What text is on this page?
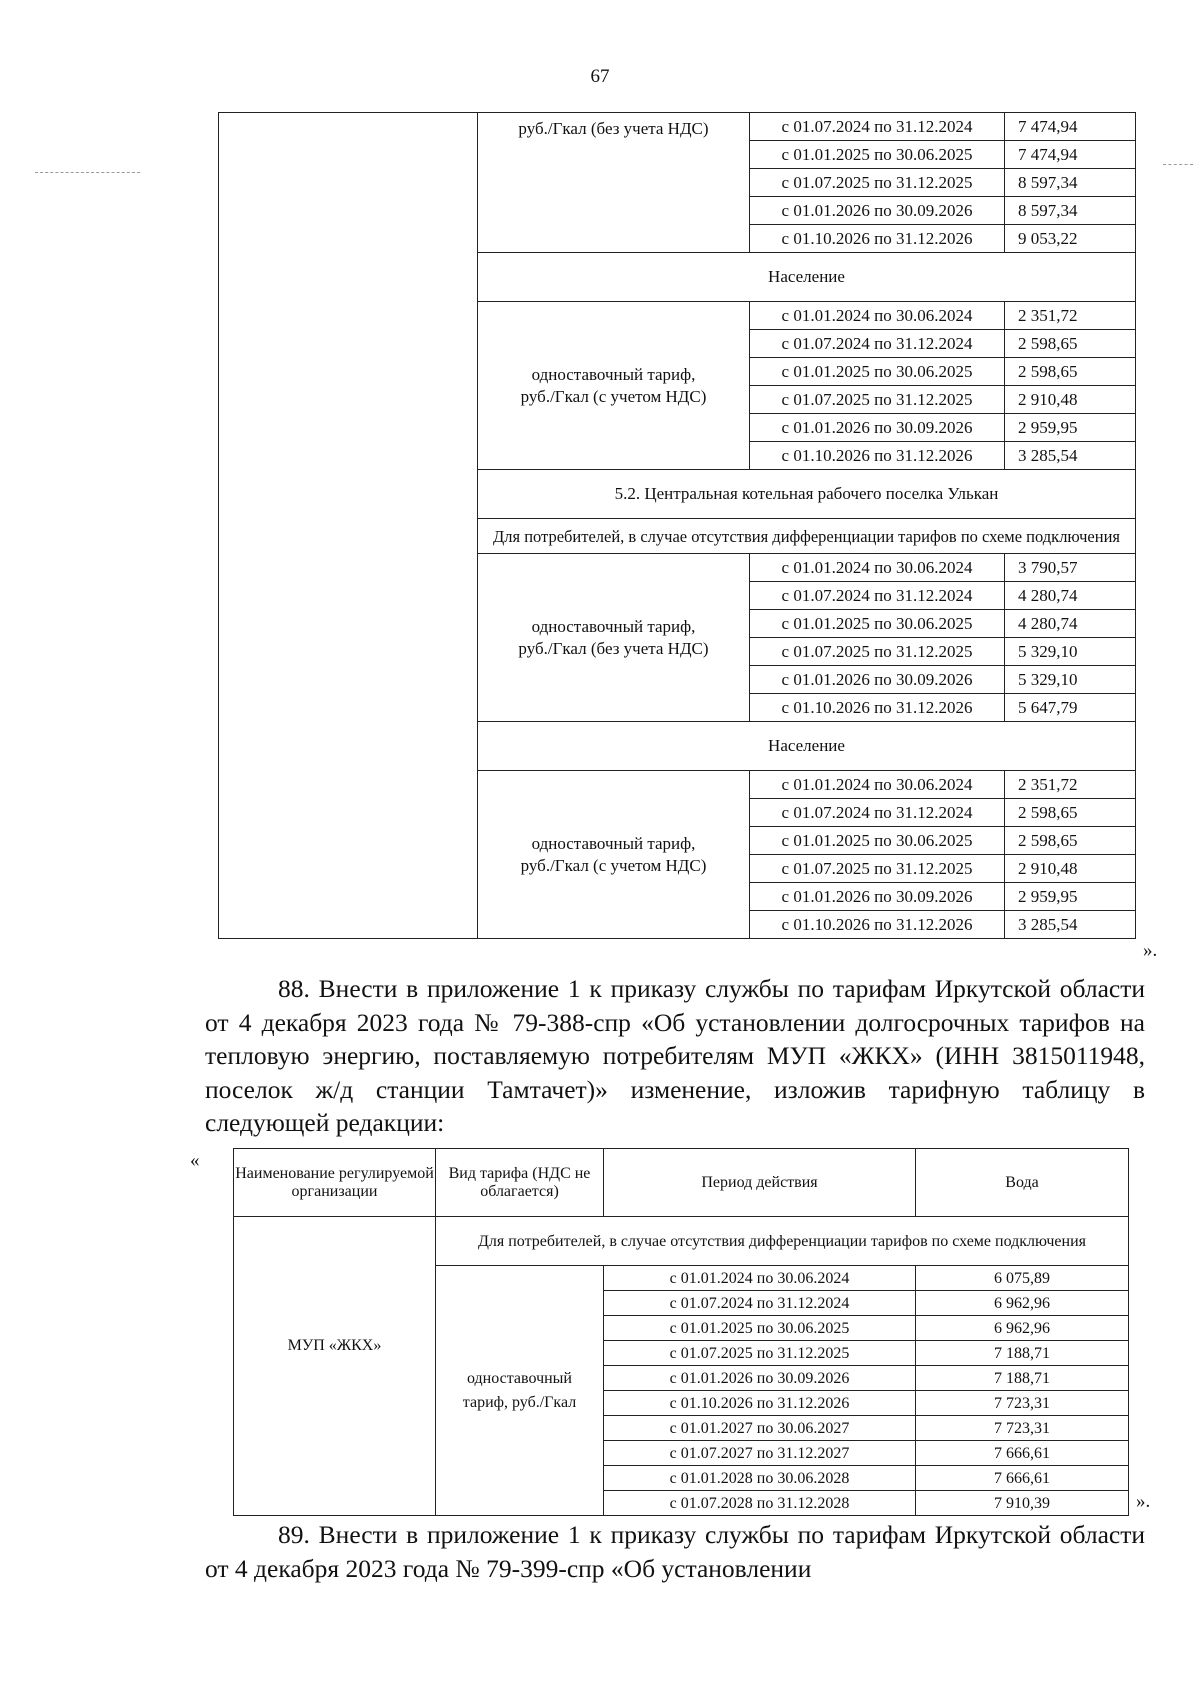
67
	руб./Гкал (без учета НДС)	с 01.07.2024 по 31.12.2024	7 474,94
		с 01.01.2025 по 30.06.2025	7 474,94
		с 01.07.2025 по 31.12.2025	8 597,34
		с 01.01.2026 по 30.09.2026	8 597,34
		с 01.10.2026 по 31.12.2026	9 053,22
	Население		

	одноставочный тариф,
руб./Гкал (с учетом НДС)	с 01.01.2024 по 30.06.2024	2 351,72
		с 01.07.2024 по 31.12.2024	2 598,65
		с 01.01.2025 по 30.06.2025	2 598,65
		с 01.07.2025 по 31.12.2025	2 910,48
		с 01.01.2026 по 30.09.2026	2 959,95
		с 01.10.2026 по 31.12.2026	3 285,54
	5.2. Центральная котельная рабочего поселка Улькан		
	Для потребителей, в случае отсутствия дифференциации тарифов по схеме подключения		

	одноставочный тариф,
руб./Гкал (без учета НДС)	с 01.01.2024 по 30.06.2024	3 790,57
		с 01.07.2024 по 31.12.2024	4 280,74
		с 01.01.2025 по 30.06.2025	4 280,74
		с 01.07.2025 по 31.12.2025	5 329,10
		с 01.01.2026 по 30.09.2026	5 329,10
		с 01.10.2026 по 31.12.2026	5 647,79
	Население		

	одноставочный тариф,
руб./Гкал (с учетом НДС)	с 01.01.2024 по 30.06.2024	2 351,72
		с 01.07.2024 по 31.12.2024	2 598,65
		с 01.01.2025 по 30.06.2025	2 598,65
		с 01.07.2025 по 31.12.2025	2 910,48
		с 01.01.2026 по 30.09.2026	2 959,95
		с 01.10.2026 по 31.12.2026	3 285,54
».
88. Внести в приложение 1 к приказу службы по тарифам Иркутской области от 4 декабря 2023 года № 79-388-спр «Об установлении долгосрочных тарифов на тепловую энергию, поставляемую потребителям МУП «ЖКХ» (ИНН 3815011948, поселок ж/д станции Тамтачет)» изменение, изложив тарифную таблицу в следующей редакции:
«
Наименование регулируемой организации	Вид тарифа (НДС не облагается)	Период действия	Вода
МУП «ЖКХ»	Для потребителей, в случае отсутствия дифференциации тарифов по схеме подключения		

	одноставочный
тариф, руб./Гкал	с 01.01.2024 по 30.06.2024	6 075,89
		с 01.07.2024 по 31.12.2024	6 962,96
		с 01.01.2025 по 30.06.2025	6 962,96
		с 01.07.2025 по 31.12.2025	7 188,71
		с 01.01.2026 по 30.09.2026	7 188,71
		с 01.10.2026 по 31.12.2026	7 723,31
		с 01.01.2027 по 30.06.2027	7 723,31
		с 01.07.2027 по 31.12.2027	7 666,61
		с 01.01.2028 по 30.06.2028	7 666,61
		с 01.07.2028 по 31.12.2028	7 910,39	».
89. Внести в приложение 1 к приказу службы по тарифам Иркутской области от 4 декабря 2023 года № 79-399-спр «Об установлении
